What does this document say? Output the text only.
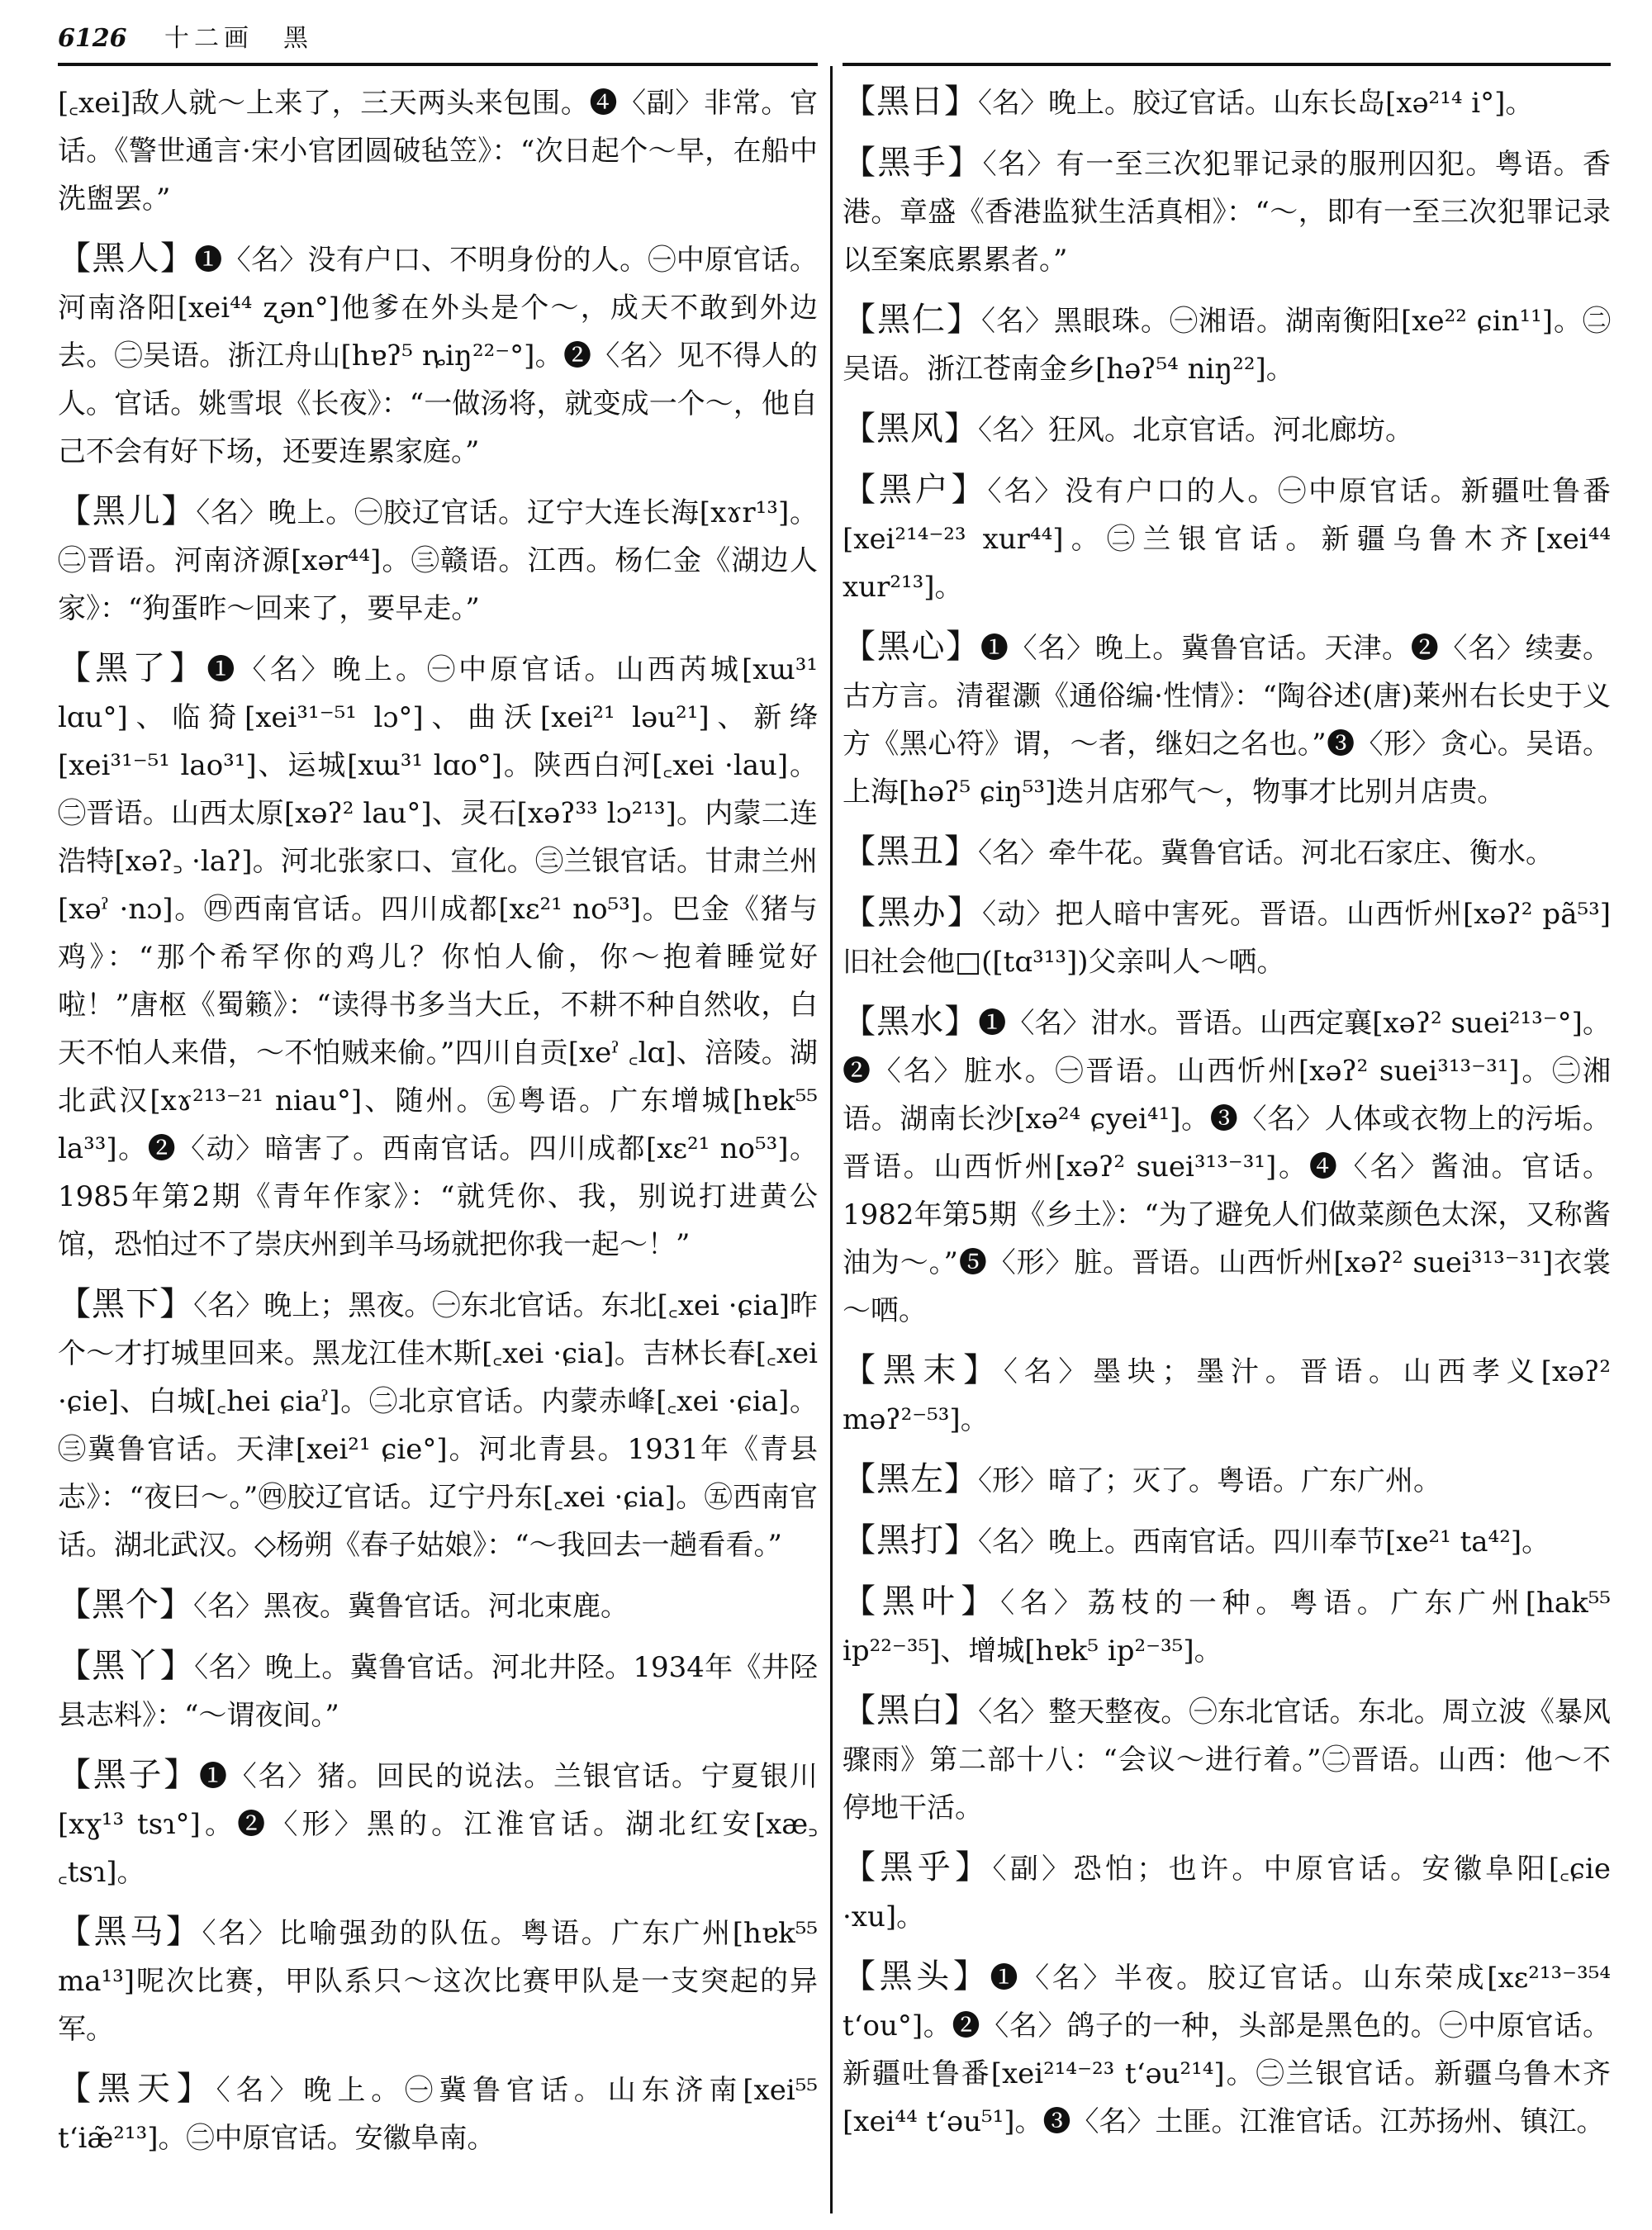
6126 十二画　黑

[꜀xei]敌人就～上来了，三天两头来包围。❹〈副〉非常。官话。《警世通言·宋小官团圆破毡笠》：“次日起个～早，在船中洗盥罢。”

【黑人】❶〈名〉没有户口、不明身份的人。㊀中原官话。河南洛阳[xei⁴⁴ ʐən°]他爹在外头是个～，成天不敢到外边去。㊁吴语。浙江舟山[hɐʔ⁵ ȵiŋ²²⁻°]。❷〈名〉见不得人的人。官话。姚雪垠《长夜》：“一做汤将，就变成一个～，他自己不会有好下场，还要连累家庭。”

【黑儿】〈名〉晚上。㊀胶辽官话。辽宁大连长海[xɤr¹³]。㊁晋语。河南济源[xər⁴⁴]。㊂赣语。江西。杨仁金《湖边人家》：“狗蛋昨～回来了，要早走。”

【黑了】❶〈名〉晚上。㊀中原官话。山西芮城[xɯ³¹ lɑu°]、临猗[xei³¹⁻⁵¹ lɔ°]、曲沃[xei²¹ ləu²¹]、新绛[xei³¹⁻⁵¹ lao³¹]、运城[xɯ³¹ lɑo°]。陕西白河[꜀xei ·lau]。㊁晋语。山西太原[xəʔ² lau°]、灵石[xəʔ³³ lɔ²¹³]。内蒙二连浩特[xəʔ꜆ ·laʔ]。河北张家口、宣化。㊂兰银官话。甘肃兰州[xəˀ ·nɔ]。㊃西南官话。四川成都[xɛ²¹ no⁵³]。巴金《猪与鸡》：“那个希罕你的鸡儿？你怕人偷，你～抱着睡觉好啦！”唐枢《蜀籁》：“读得书多当大丘，不耕不种自然收，白天不怕人来借，～不怕贼来偷。”四川自贡[xeˀ ꜀lɑ]、涪陵。湖北武汉[xɤ²¹³⁻²¹ niau°]、随州。㊄粤语。广东增城[hɐk⁵⁵ la³³]。❷〈动〉暗害了。西南官话。四川成都[xɛ²¹ no⁵³]。1985年第2期《青年作家》：“就凭你、我，别说打进黄公馆，恐怕过不了崇庆州到羊马场就把你我一起～！”

【黑下】〈名〉晚上；黑夜。㊀东北官话。东北[꜀xei ·ɕia]昨个～才打城里回来。黑龙江佳木斯[꜀xei ·ɕia]。吉林长春[꜀xei ·ɕie]、白城[꜀hei ɕiaˀ]。㊁北京官话。内蒙赤峰[꜀xei ·ɕia]。㊂冀鲁官话。天津[xei²¹ ɕie°]。河北青县。1931年《青县志》：“夜曰～。”㊃胶辽官话。辽宁丹东[꜀xei ·ɕia]。㊄西南官话。湖北武汉。◇杨朔《春子姑娘》：“～我回去一趟看看。”

【黑个】〈名〉黑夜。冀鲁官话。河北束鹿。

【黑丫】〈名〉晚上。冀鲁官话。河北井陉。1934年《井陉县志料》：“～谓夜间。”

【黑子】❶〈名〉猪。回民的说法。兰银官话。宁夏银川[xɣ¹³ tsɿ°]。❷〈形〉黑的。江淮官话。湖北红安[xæ꜆ ꜀tsɿ]。

【黑马】〈名〉比喻强劲的队伍。粤语。广东广州[hɐk⁵⁵ ma¹³]呢次比赛，甲队系只～这次比赛甲队是一支突起的异军。

【黑天】〈名〉晚上。㊀冀鲁官话。山东济南[xei⁵⁵ t‘iæ̃²¹³]。㊁中原官话。安徽阜南。

【黑日】〈名〉晚上。胶辽官话。山东长岛[xə²¹⁴ i°]。

【黑手】〈名〉有一至三次犯罪记录的服刑囚犯。粤语。香港。章盛《香港监狱生活真相》：“～，即有一至三次犯罪记录以至案底累累者。”

【黑仁】〈名〉黑眼珠。㊀湘语。湖南衡阳[xe²² ɕin¹¹]。㊁吴语。浙江苍南金乡[həʔ⁵⁴ niŋ²²]。

【黑风】〈名〉狂风。北京官话。河北廊坊。

【黑户】〈名〉没有户口的人。㊀中原官话。新疆吐鲁番[xei²¹⁴⁻²³ xur⁴⁴]。㊁兰银官话。新疆乌鲁木齐[xei⁴⁴ xur²¹³]。

【黑心】❶〈名〉晚上。冀鲁官话。天津。❷〈名〉续妻。古方言。清翟灏《通俗编·性情》：“陶谷述(唐)莱州右长史于义方《黑心符》谓，～者，继妇之名也。”❸〈形〉贪心。吴语。上海[həʔ⁵ ɕiŋ⁵³]迭爿店邪气～，物事才比别爿店贵。

【黑丑】〈名〉牵牛花。冀鲁官话。河北石家庄、衡水。

【黑办】〈动〉把人暗中害死。晋语。山西忻州[xəʔ² pã⁵³]旧社会他□([tɑ³¹³])父亲叫人～哂。

【黑水】❶〈名〉泔水。晋语。山西定襄[xəʔ² suei²¹³⁻°]。❷〈名〉脏水。㊀晋语。山西忻州[xəʔ² suei³¹³⁻³¹]。㊁湘语。湖南长沙[xə²⁴ ɕyei⁴¹]。❸〈名〉人体或衣物上的污垢。晋语。山西忻州[xəʔ² suei³¹³⁻³¹]。❹〈名〉酱油。官话。1982年第5期《乡土》：“为了避免人们做菜颜色太深，又称酱油为～。”❺〈形〉脏。晋语。山西忻州[xəʔ² suei³¹³⁻³¹]衣裳～哂。

【黑末】〈名〉墨块；墨汁。晋语。山西孝义[xəʔ² məʔ²⁻⁵³]。

【黑左】〈形〉暗了；灭了。粤语。广东广州。

【黑打】〈名〉晚上。西南官话。四川奉节[xe²¹ ta⁴²]。

【黑叶】〈名〉荔枝的一种。粤语。广东广州[hak⁵⁵ ip²²⁻³⁵]、增城[hɐk⁵ ip²⁻³⁵]。

【黑白】〈名〉整天整夜。㊀东北官话。东北。周立波《暴风骤雨》第二部十八：“会议～进行着。”㊁晋语。山西：他～不停地干活。

【黑乎】〈副〉恐怕；也许。中原官话。安徽阜阳[꜀ɕie ·xu]。

【黑头】❶〈名〉半夜。胶辽官话。山东荣成[xɛ²¹³⁻³⁵⁴ t‘ou°]。❷〈名〉鸽子的一种，头部是黑色的。㊀中原官话。新疆吐鲁番[xei²¹⁴⁻²³ t‘əu²¹⁴]。㊁兰银官话。新疆乌鲁木齐[xei⁴⁴ t‘əu⁵¹]。❸〈名〉土匪。江淮官话。江苏扬州、镇江。
